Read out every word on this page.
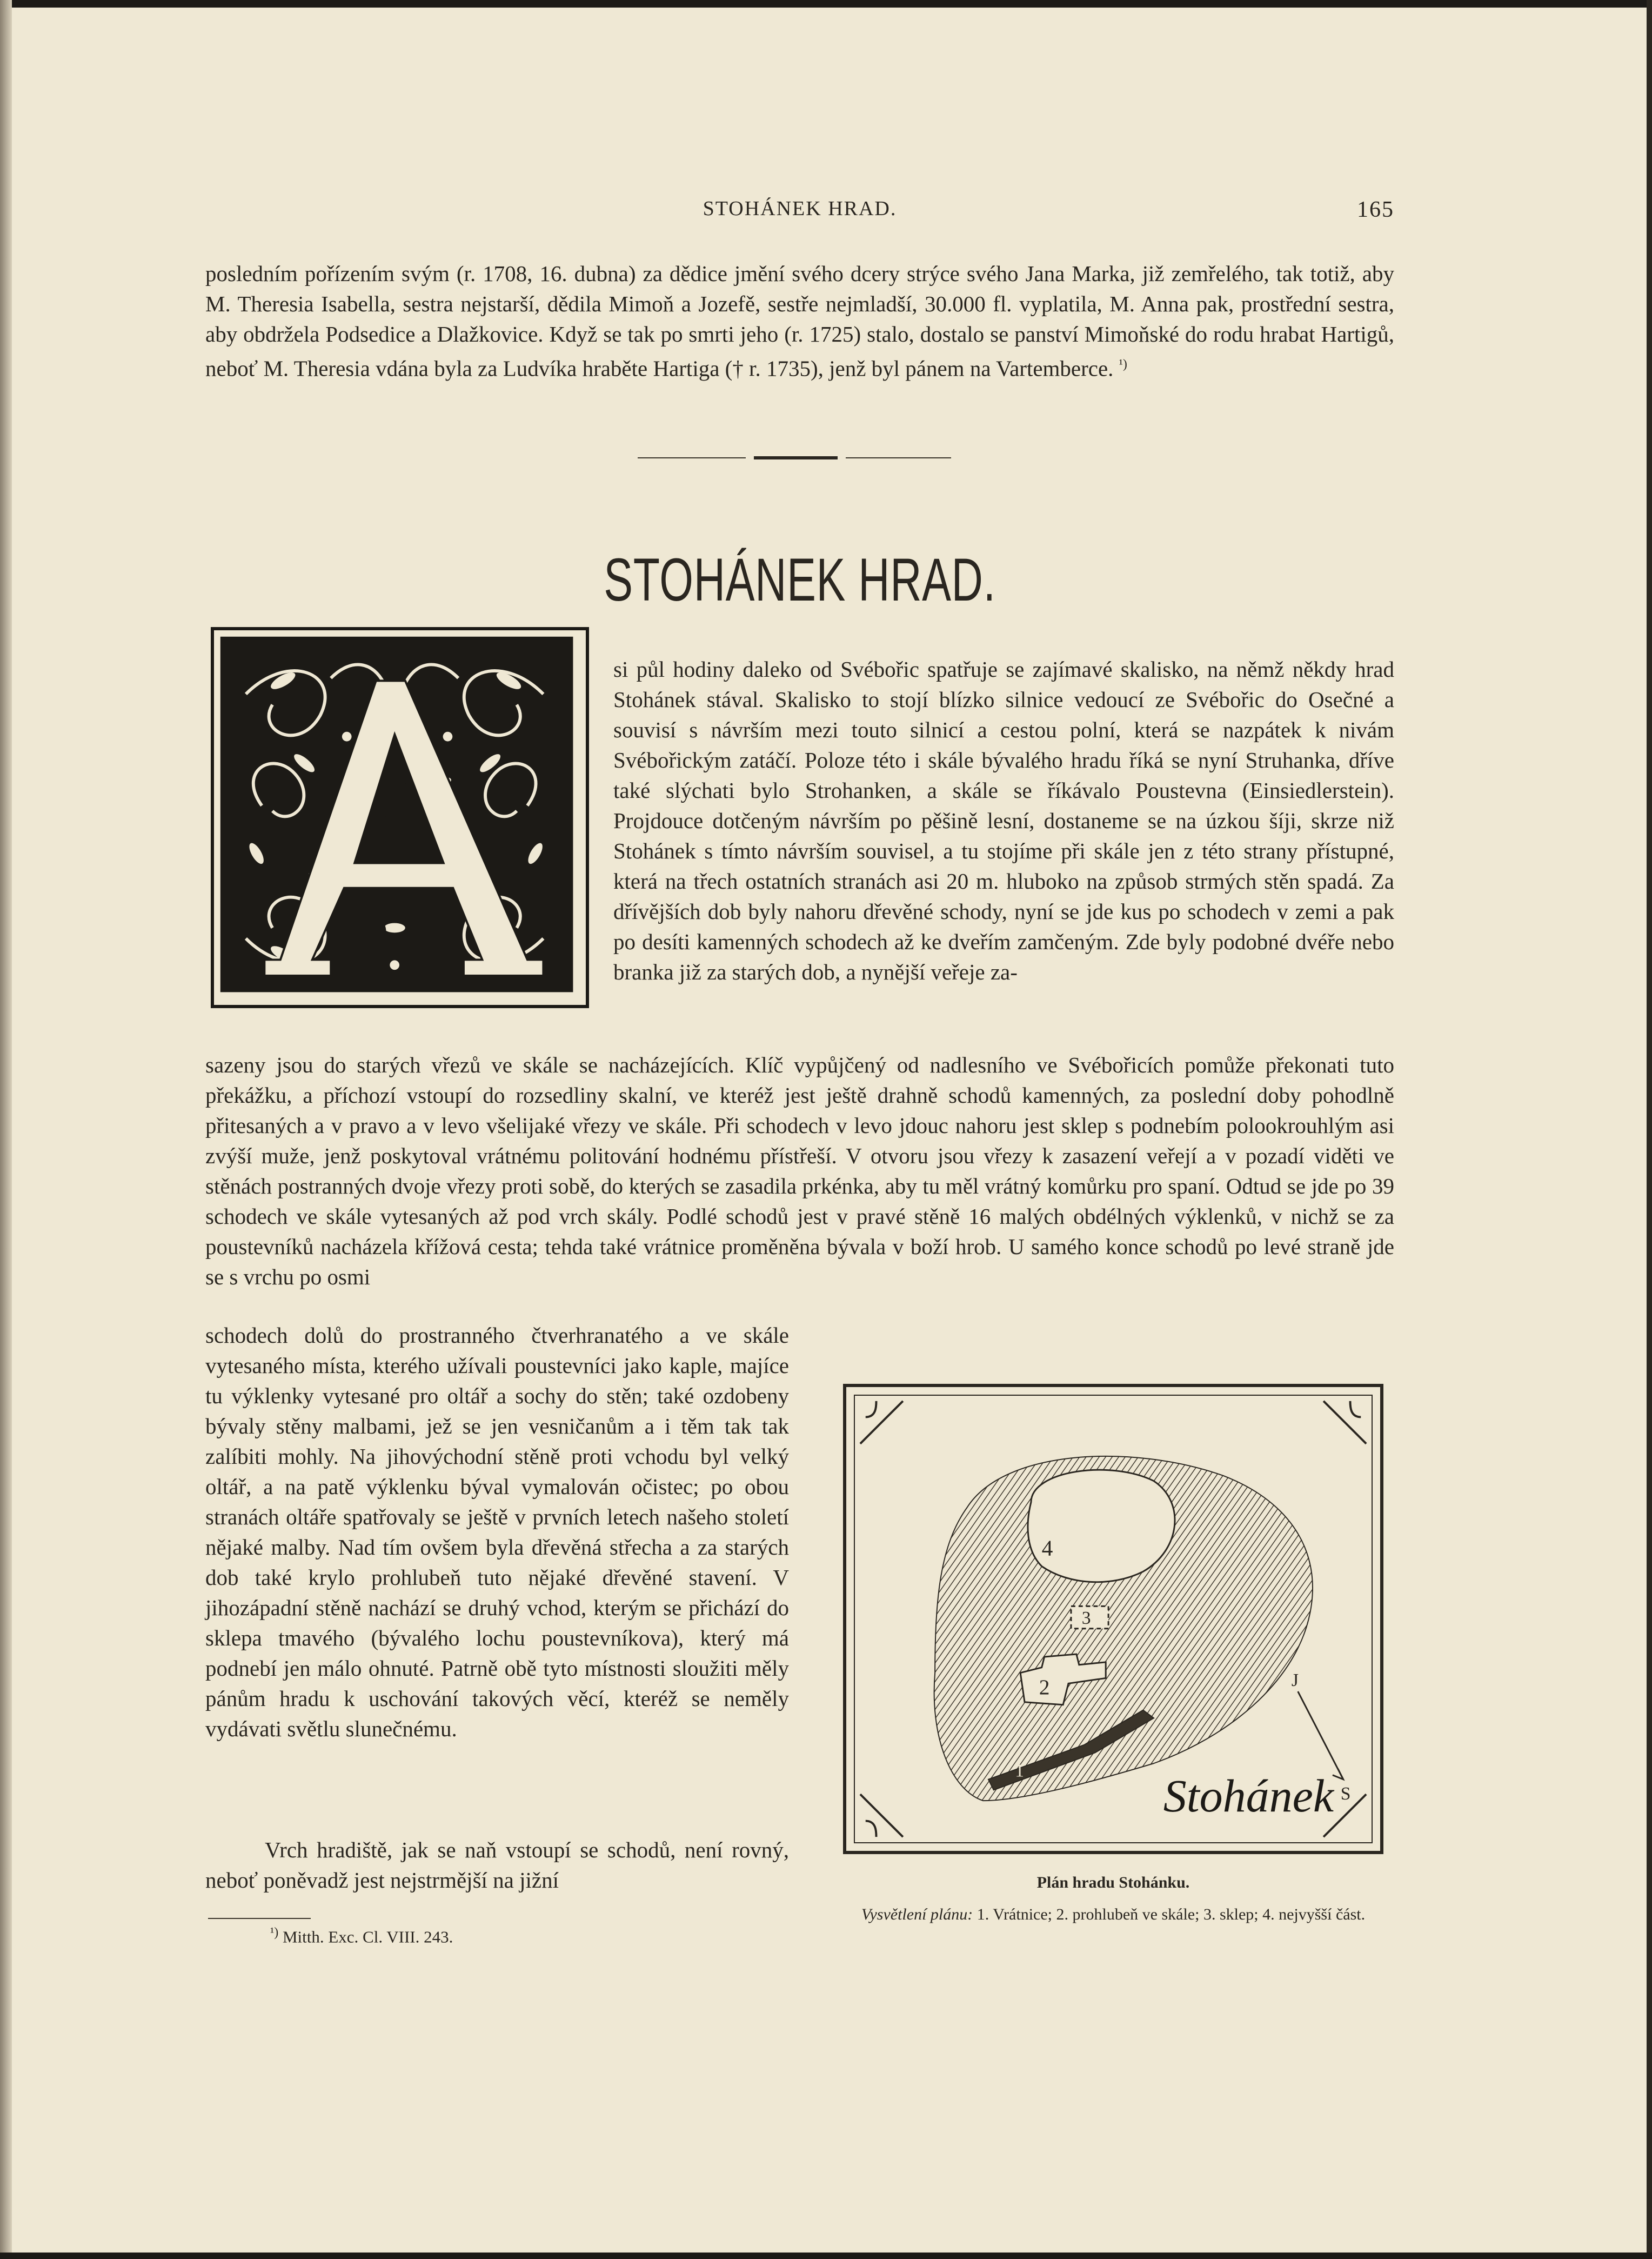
STOHÁNEK HRAD.	165
posledním pořízením svým (r. 1708, 16. dubna) za dědice jmění svého dcery strýce svého Jana Marka, již zemřelého, tak totiž, aby M. Theresia Isabella, sestra nejstarší, dědila Mimoň a Jozefě, sestře nejmladší, 30.000 fl. vyplatila, M. Anna pak, prostřední sestra, aby obdržela Podsedice a Dlažkovice. Když se tak po smrti jeho (r. 1725) stalo, dostalo se panství Mimoňské do rodu hrabat Hartigů, neboť M. Theresia vdána byla za Ludvíka hraběte Hartiga († r. 1735), jenž byl pánem na Vartemberce. $^{^1)}$
STOHÁNEK HRAD.
si půl hodiny daleko od Svébořic spatřuje se zajímavé skalisko, na němž někdy hrad Stohánek stával. Skalisko to stojí blízko silnice vedoucí ze Svébořic do Osečné a souvisí s návrším mezi touto silnicí a cestou polní, která se nazpátek k nivám Svébořickým zatáčí. Poloze této i skále bývalého hradu říká se nyní Struhanka, dříve také slýchati bylo Strohanken, a skále se říkávalo Poustevna (Einsiedlerstein). Projdouce dotčeným návrším po pěšině lesní, dostaneme se na úzkou šíji, skrze niž Stohánek s tímto návrším souvisel, a tu stojíme při skále jen z této strany přístupné, která na třech ostatních stranách asi 20 m. hluboko na způsob strmých stěn spadá. Za dřívějších dob byly nahoru dřevěné schody, nyní se jde kus po schodech v zemi a pak po desíti kamenných schodech až ke dveřím zamčeným. Zde byly podobné dvéře nebo branka již za starých dob, a nynější veřeje za-
sazeny jsou do starých vřezů ve skále se nacházejících. Klíč vypůjčený od nadlesního ve Svébořicích pomůže překonati tuto překážku, a příchozí vstoupí do rozsedliny skalní, ve kteréž jest ještě drahně schodů kamenných, za poslední doby pohodlně přitesaných a v pravo a v levo všelijaké vřezy ve skále. Při schodech v levo jdouc nahoru jest sklep s podnebím polookrouhlým asi zvýší muže, jenž poskytoval vrátnému politování hodnému přístřeší. V otvoru jsou vřezy k zasazení veřejí a v pozadí viděti ve stěnách postranných dvoje vřezy proti sobě, do kterých se zasadila prkénka, aby tu měl vrátný komůrku pro spaní. Odtud se jde po 39 schodech ve skále vytesaných až pod vrch skály. Podlé schodů jest v pravé stěně 16 malých obdélných výklenků, v nichž se za poustevníků nacházela křížová cesta; tehda také vrátnice proměněna bývala v boží hrob. U samého konce schodů po levé straně jde se s vrchu po osmi
schodech dolů do prostranného čtverhranatého a ve skále vytesaného místa, kterého užívali poustevníci jako kaple, majíce tu výklenky vytesané pro oltář a sochy do stěn; také ozdobeny bývaly stěny malbami, jež se jen vesničanům a i těm tak tak zalíbiti mohly. Na jihovýchodní stěně proti vchodu byl velký oltář, a na patě výklenku býval vymalován očistec; po obou stranách oltáře spatřovaly se ještě v prvních letech našeho století nějaké malby. Nad tím ovšem byla dřevěná střecha a za starých dob také krylo prohlubeň tuto nějaké dřevěné stavení. V jihozápadní stěně nachází se druhý vchod, kterým se přichází do sklepa tmavého (bývalého lochu poustevníkova), který má podnebí jen málo ohnuté. Patrně obě tyto místnosti sloužiti měly pánům hradu k uschování takových věcí, kteréž se neměly vydávati světlu slunečnému.
Vrch hradiště, jak se naň vstoupí se schodů, není rovný, neboť poněvadž jest nejstrmější na jižní
$^{^1)}$ Mitth. Exc. Cl. VIII. 243.
4
3
2
1
J
S
Stohánek
Plán hradu Stohánku.
Vysvětlení plánu: 1. Vrátnice; 2. prohlubeň ve skále; 3. sklep; 4. nejvyšší část.
